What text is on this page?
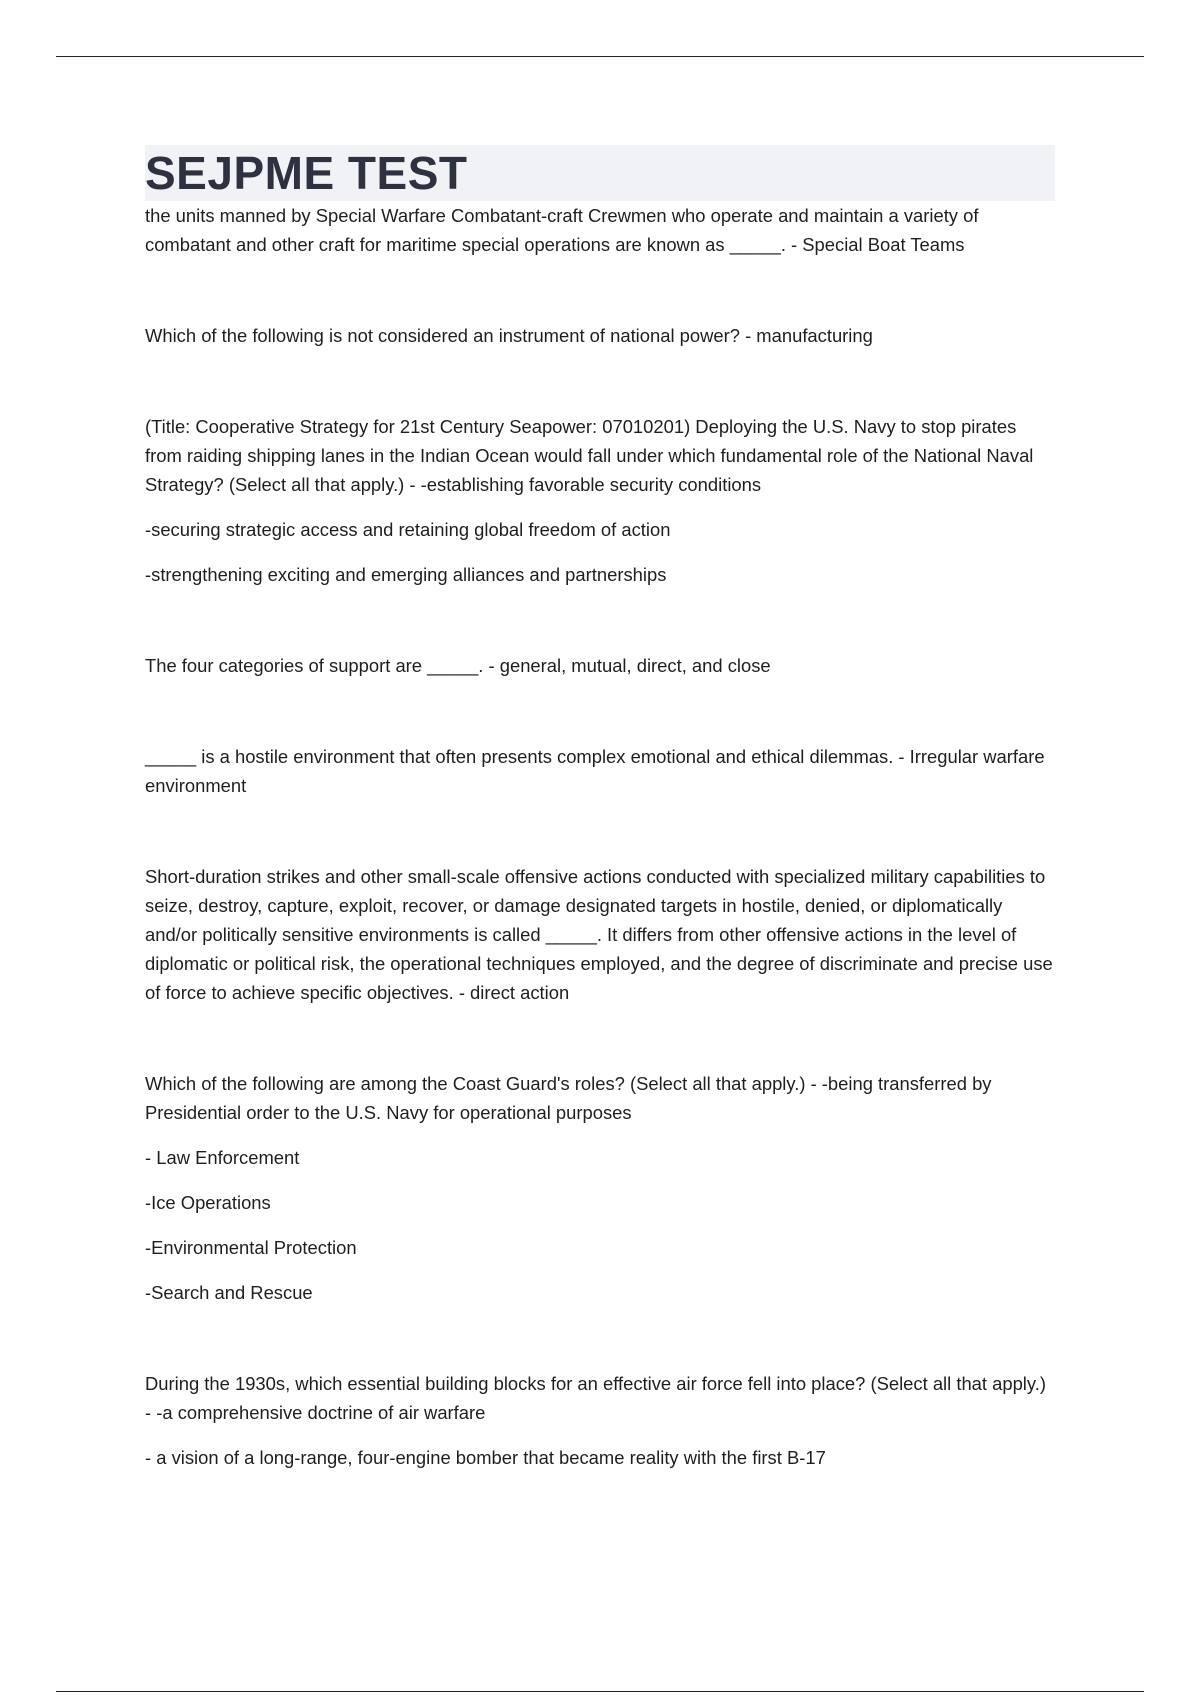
SEJPME TEST

the units manned by Special Warfare Combatant-craft Crewmen who operate and maintain a variety of combatant and other craft for maritime special operations are known as _____. - Special Boat Teams

Which of the following is not considered an instrument of national power? - manufacturing

(Title: Cooperative Strategy for 21st Century Seapower: 07010201) Deploying the U.S. Navy to stop pirates from raiding shipping lanes in the Indian Ocean would fall under which fundamental role of the National Naval Strategy? (Select all that apply.) - -establishing favorable security conditions

-securing strategic access and retaining global freedom of action

-strengthening exciting and emerging alliances and partnerships

The four categories of support are _____. - general, mutual, direct, and close

_____ is a hostile environment that often presents complex emotional and ethical dilemmas. - Irregular warfare environment

Short-duration strikes and other small-scale offensive actions conducted with specialized military capabilities to seize, destroy, capture, exploit, recover, or damage designated targets in hostile, denied, or diplomatically and/or politically sensitive environments is called _____. It differs from other offensive actions in the level of diplomatic or political risk, the operational techniques employed, and the degree of discriminate and precise use of force to achieve specific objectives. - direct action

Which of the following are among the Coast Guard's roles? (Select all that apply.) - -being transferred by Presidential order to the U.S. Navy for operational purposes

- Law Enforcement

-Ice Operations

-Environmental Protection

-Search and Rescue

During the 1930s, which essential building blocks for an effective air force fell into place? (Select all that apply.) - -a comprehensive doctrine of air warfare

- a vision of a long-range, four-engine bomber that became reality with the first B-17
